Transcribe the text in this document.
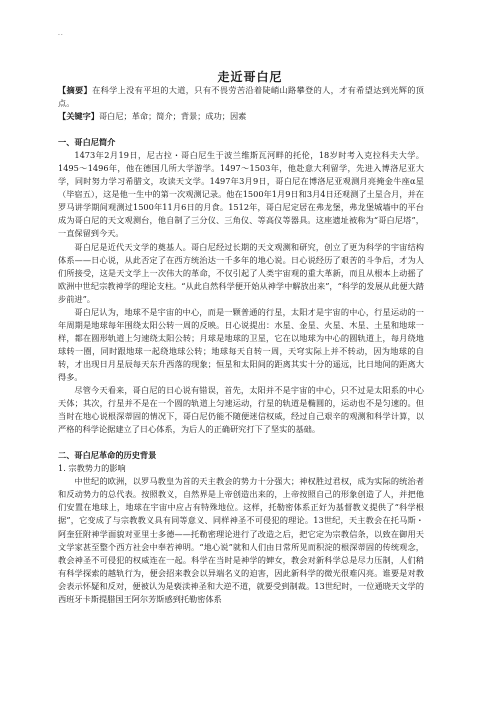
..
走近哥白尼

【摘要】在科学上没有平坦的大道，只有不畏劳苦沿着陡峭山路攀登的人，才有希望达到光辉的顶点。

【关键字】哥白尼；革命；简介；背景；成功；因素

一、哥白尼简介

1473年2月19日，尼古拉・哥白尼生于波兰维斯瓦河畔的托伦，18岁时考入克拉科夫大学。1495～1496年，他在德国几所大学游学。1497～1503年，他赴意大利留学，先进入博洛尼亚大学，同时努力学习希腊文，攻读天文学。1497年3月9日，哥白尼在博洛尼亚观测月亮掩金牛座α星（毕宿五），这是他一生中的第一次观测记录。他在1500年1月9日和3月4日还观测了土星合月，并在罗马讲学期间观测过1500年11月6日的月食。1512年，哥白尼定居在弗龙堡，弗龙堡城墙中的平台成为哥白尼的天文观测台，他自制了三分仪、三角仪、等高仪等器具。这座遗址被称为“哥白尼塔”，一直保留到今天。

哥白尼是近代天文学的奠基人。哥白尼经过长期的天文观测和研究，创立了更为科学的宇宙结构体系——日心说，从此否定了在西方统治达一千多年的地心说。日心说经历了艰苦的斗争后，才为人们所接受，这是天文学上一次伟大的革命，不仅引起了人类宇宙观的重大革新，而且从根本上动摇了欧洲中世纪宗教神学的理论支柱。“从此自然科学便开始从神学中解放出来”，“科学的发展从此便大踏步前进”。

哥白尼认为，地球不是宇宙的中心，而是一颗普通的行星，太阳才是宇宙的中心，行星运动的一年周期是地球每年围绕太阳公转一周的反映。日心说提出：水星、金星、火星、木星、土星和地球一样，都在圆形轨道上匀速绕太阳公转；月球是地球的卫星，它在以地球为中心的圆轨道上，每月绕地球转一圈，同时跟地球一起绕地球公转；地球每天自转一周，天穹实际上并不转动，因为地球的自转，才出现日月星辰每天东升西落的现象；恒星和太阳间的距离其实十分的遥远，比日地间的距离大得多。

尽管今天看来，哥白尼的日心说有错误，首先，太阳并不是宇宙的中心，只不过是太阳系的中心天体；其次，行星并不是在一个圆的轨道上匀速运动，行星的轨道是椭圆的，运动也不是匀速的。但当时在地心说根深蒂固的情况下，哥白尼仍能不随便迷信权威，经过自己艰辛的观测和科学计算，以严格的科学论据建立了日心体系，为后人的正确研究打下了坚实的基础。

二、哥白尼革命的历史背景

1. 宗教势力的影响

中世纪的欧洲，以罗马教皇为首的天主教会的势力十分强大；神权胜过君权，成为实际的统治者和反动势力的总代表。按照教义，自然界是上帝创造出来的，上帝按照自己的形象创造了人，并把他们安置在地球上，地球在宇宙中应占有特殊地位。这样，托勒密体系正好为基督教义提供了“科学根据”，它变成了与宗教教义具有同等意义、同样神圣不可侵犯的理论。13世纪，天主教会在托马斯・阿奎狂附神学面貌对亚里士多德——托勒密理论进行了改造之后，把它定为宗教信条，以致在御用天文学家甚至整个西方社会中奉若神明。“地心说”就和人们由日常所见而积淀的根深蒂固的传统观念，教会神圣不可侵犯的权威连在一起。科学在当时是神学的婢女，教会对新科学总是尽力压制，人们稍有科学探索的越轨行为，便会招来教会以异端名义的迫害，因此新科学的微光很难闪亮。谁要是对教会表示怀疑和反对，便被认为是亵渎神圣和大逆不道，就要受到制裁。13世纪时，一位通晓天文学的西班牙卡斯提腊国王阿尔芳斯感到托勒密体系
